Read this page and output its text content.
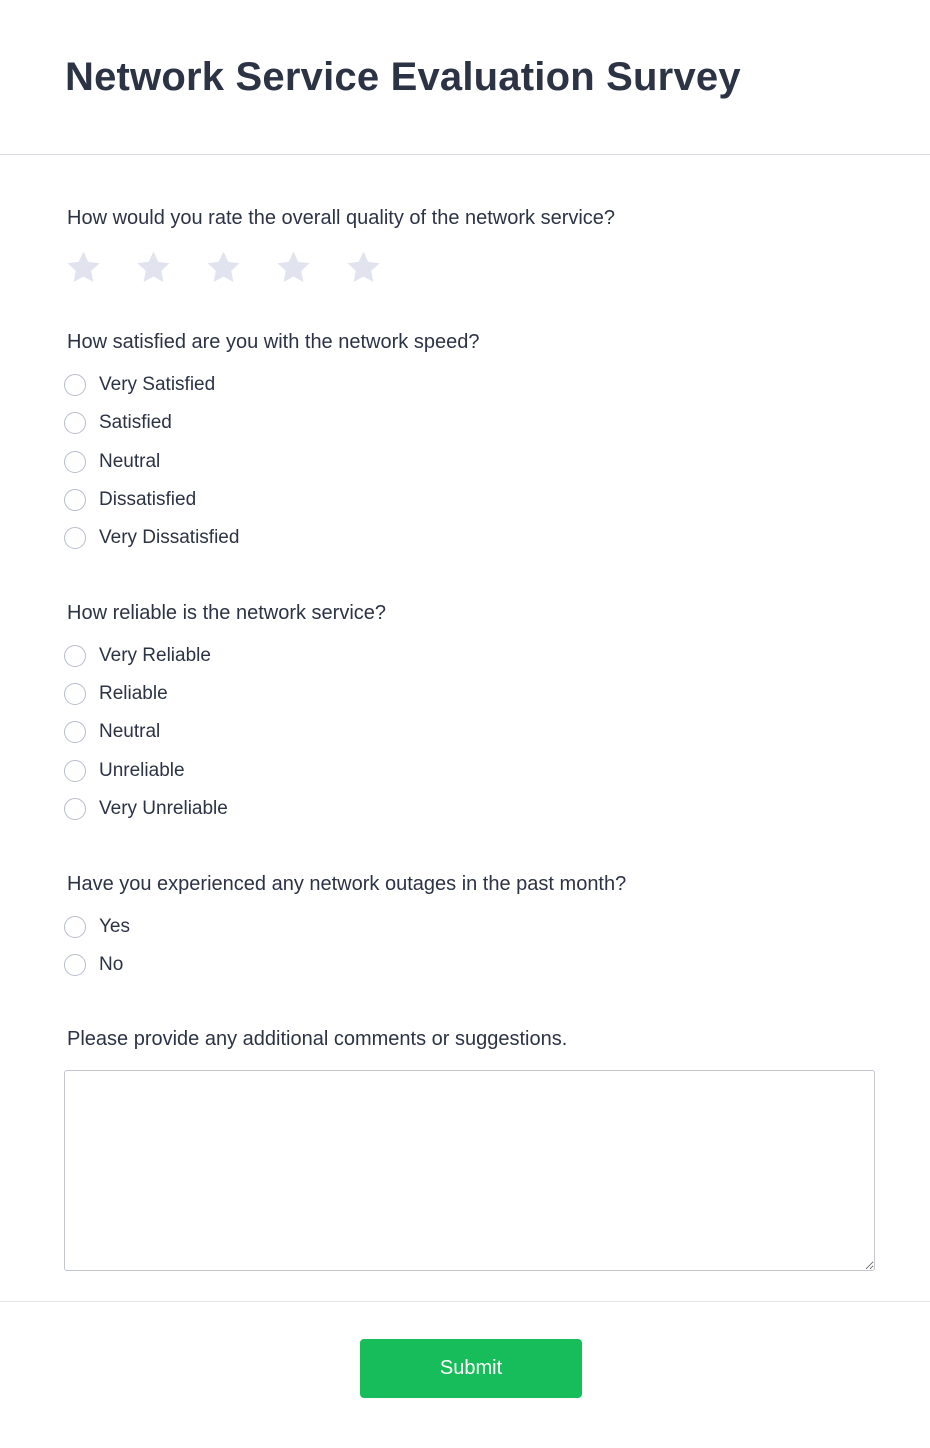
Network Service Evaluation Survey
How would you rate the overall quality of the network service?
How satisfied are you with the network speed?
Very Satisfied
Satisfied
Neutral
Dissatisfied
Very Dissatisfied
How reliable is the network service?
Very Reliable
Reliable
Neutral
Unreliable
Very Unreliable
Have you experienced any network outages in the past month?
Yes
No
Please provide any additional comments or suggestions.
Submit
